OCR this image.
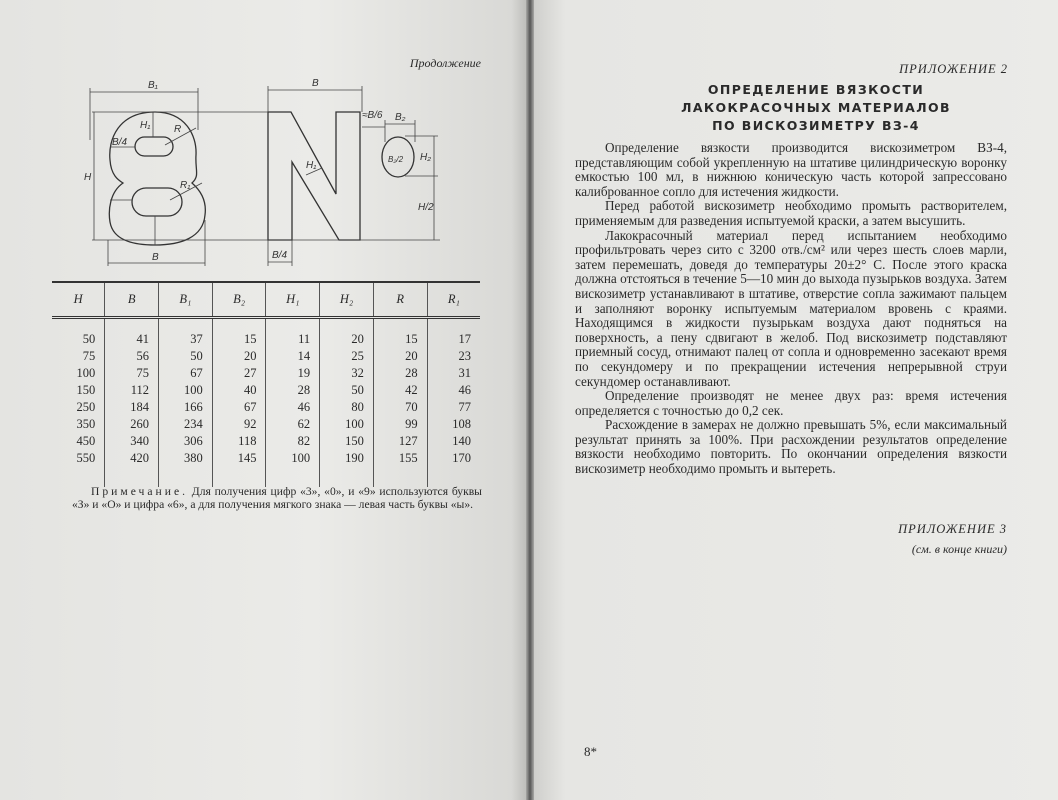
Продолжение
B₁	B
B
B/4
B/4
H
H₁
H₁
R
R₁
B₂
H₂
H/2
≈B/6
B₂/2
H	B	B₁	B₂	H₁	H₂	R	R₁
50	41	37	15	11	20	15	17
75	56	50	20	14	25	20	23
100	75	67	27	19	32	28	31
150	112	100	40	28	50	42	46
250	184	166	67	46	80	70	77
350	260	234	92	62	100	99	108
450	340	306	118	82	150	127	140
550	420	380	145	100	190	155	170

Примечание. Для получения цифр «3», «0», и «9» используются буквы «З» и «О» и цифра «6», а для получения мягкого знака — левая часть буквы «ы».

ПРИЛОЖЕНИЕ 2
ОПРЕДЕЛЕНИЕ ВЯЗКОСТИ
ЛАКОКРАСОЧНЫХ МАТЕРИАЛОВ
ПО ВИСКОЗИМЕТРУ ВЗ-4

Определение вязкости производится вискозиметром ВЗ-4, представляющим собой укрепленную на штативе цилиндрическую воронку емкостью 100 мл, в нижнюю коническую часть которой запрессовано калиброванное сопло для истечения жидкости.

Перед работой вискозиметр необходимо промыть растворителем, применяемым для разведения испытуемой краски, а затем высушить.

Лакокрасочный материал перед испытанием необходимо профильтровать через сито с 3200 отв./см² или через шесть слоев марли, затем перемешать, доведя до температуры 20±2° С. После этого краска должна отстояться в течение 5—10 мин до выхода пузырьков воздуха. Затем вискозиметр устанавливают в штативе, отверстие сопла зажимают пальцем и заполняют воронку испытуемым материалом вровень с краями. Находящимся в жидкости пузырькам воздуха дают подняться на поверхность, а пену сдвигают в желоб. Под вискозиметр подставляют приемный сосуд, отнимают палец от сопла и одновременно засекают время по секундомеру и по прекращении истечения непрерывной струи секундомер останавливают.

Определение производят не менее двух раз: время истечения определяется с точностью до 0,2 сек.

Расхождение в замерах не должно превышать 5%, если максимальный результат принять за 100%. При расхождении результатов определение вязкости необходимо повторить. По окончании определения вязкости вискозиметр необходимо промыть и вытереть.

ПРИЛОЖЕНИЕ 3
(см. в конце книги)
8*
